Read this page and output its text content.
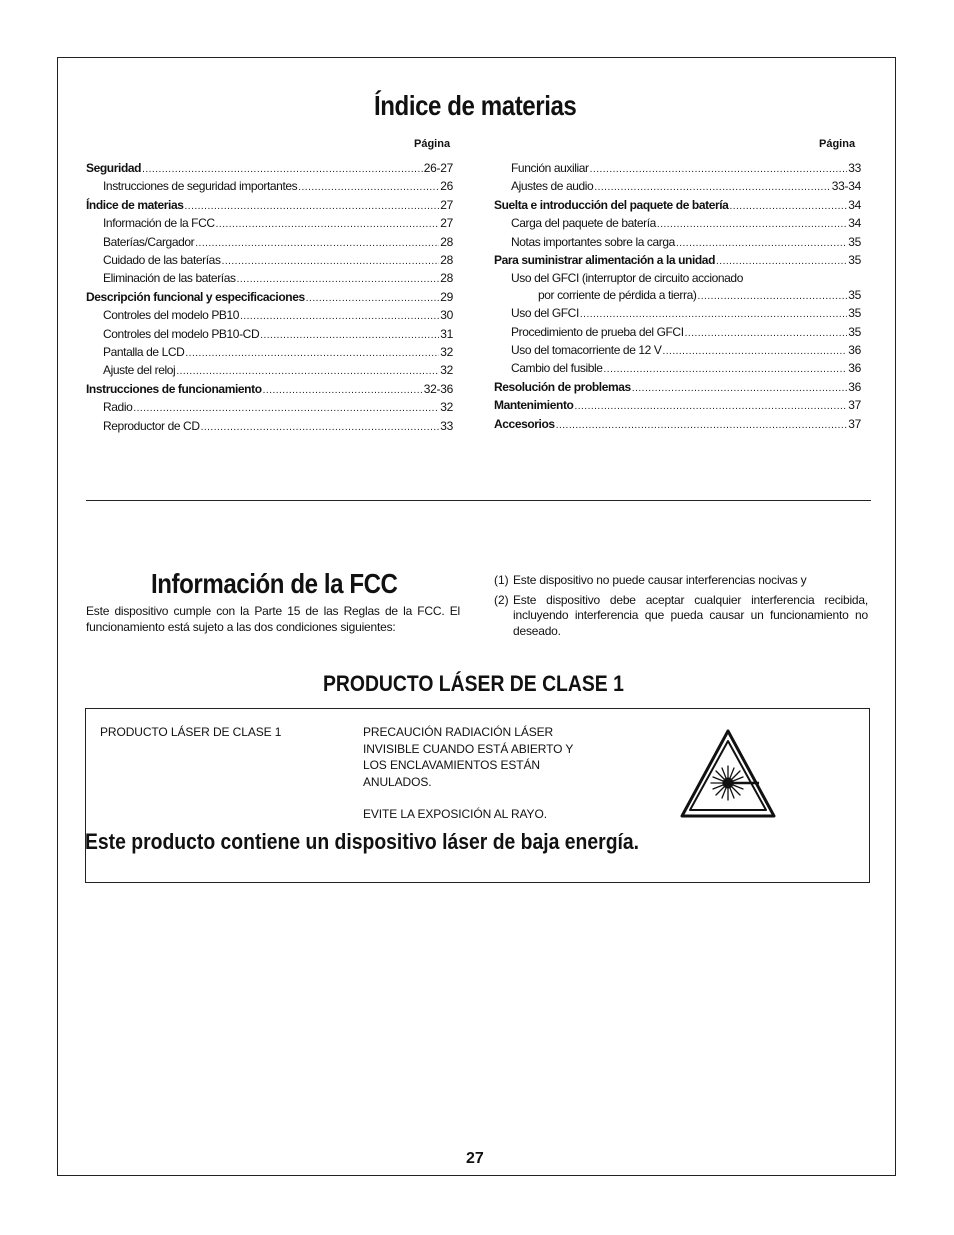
Índice de materias
Página	Página
Seguridad .....	26-27
Instrucciones de seguridad importantes .....	26
Índice de materias .....	27
Información de la FCC .....	27
Baterías/Cargador .....	28
Cuidado de las baterías .....	28
Eliminación de las baterías .....	28
Descripción funcional y especificaciones .....	29
Controles del modelo PB10 .....	30
Controles del modelo PB10-CD .....	31
Pantalla de LCD .....	32
Ajuste del reloj .....	32
Instrucciones de funcionamiento .....	32-36
Radio .....	32
Reproductor de CD .....	33
Función auxiliar .....	33
Ajustes de audio .....	33-34
Suelta e introducción del paquete de batería .....	34
Carga del paquete de batería .....	34
Notas importantes sobre la carga .....	35
Para suministrar alimentación a la unidad .....	35
Uso del GFCI (interruptor de circuito accionado
por corriente de pérdida a tierra) .....	35
Uso del GFCI .....	35
Procedimiento de prueba del GFCI .....	35
Uso del tomacorriente de 12 V .....	36
Cambio del fusible .....	36
Resolución de problemas .....	36
Mantenimiento .....	37
Accesorios .....	37
Información de la FCC
Este dispositivo cumple con la Parte 15 de las Reglas de la FCC. El funcionamiento está sujeto a las dos condiciones siguientes:
(1) Este dispositivo no puede causar interferencias nocivas y
(2) Este dispositivo debe aceptar cualquier interferencia recibida, incluyendo interferencia que pueda causar un funcionamiento no deseado.
PRODUCTO LÁSER DE CLASE 1
PRODUCTO LÁSER DE CLASE 1	PRECAUCIÓN RADIACIÓN LÁSER
INVISIBLE CUANDO ESTÁ ABIERTO Y
LOS ENCLAVAMIENTOS ESTÁN
ANULADOS.
EVITE LA EXPOSICIÓN AL RAYO.
Este producto contiene un dispositivo láser de baja energía.
27
